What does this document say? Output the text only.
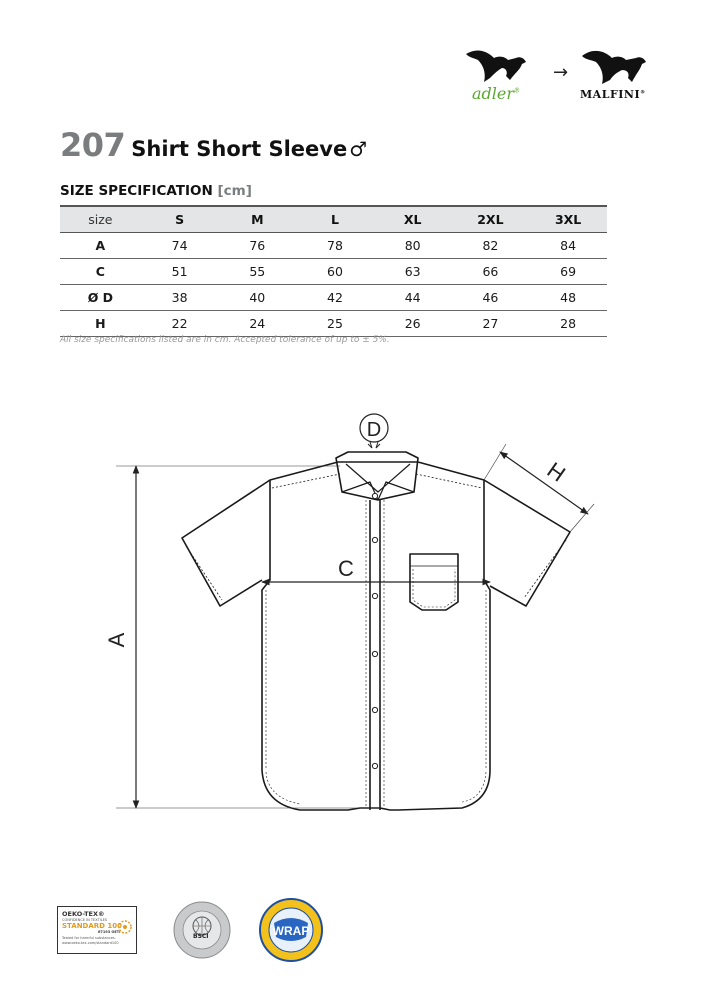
adler®
→
MALFINI®
207 Shirt Short Sleeve ♂
SIZE SPECIFICATION [cm]
size	S	M	L	XL	2XL	3XL
A	74	76	78	80	82	84
C	51	55	60	63	66	69
Ø D	38	40	42	44	46	48
H	22	24	25	26	27	28
All size specifications listed are in cm. Accepted tolerance of up to ± 5%.
A
C
D
H
OEKO-TEX®
CONFIDENCE IN TEXTILES
STANDARD 100
67193 OETI
Tested for harmful substances. www.oeko-tex.com/standard100
BSCI	WRAP
